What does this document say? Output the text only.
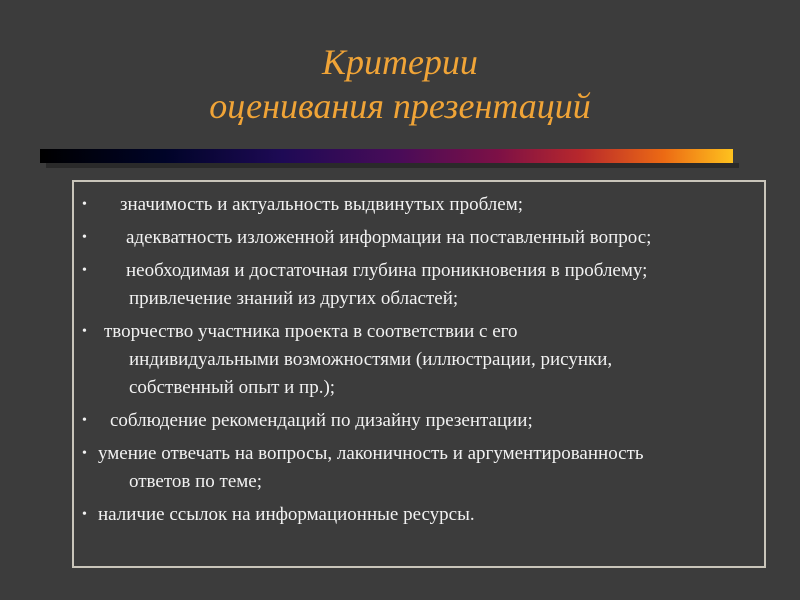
Критерии
оценивания презентаций
•	значимость и актуальность выдвинутых проблем;
•	адекватность изложенной информации на поставленный вопрос;
•	необходимая и достаточная глубина проникновения в проблему;
привлечение знаний из других областей;
• творчество участника проекта в соответствии с его
индивидуальными возможностями (иллюстрации, рисунки,
собственный опыт и пр.);
•	соблюдение рекомендаций по дизайну презентации;
• умение отвечать на вопросы, лаконичность и аргументированность
ответов по теме;
• наличие ссылок на информационные ресурсы.
